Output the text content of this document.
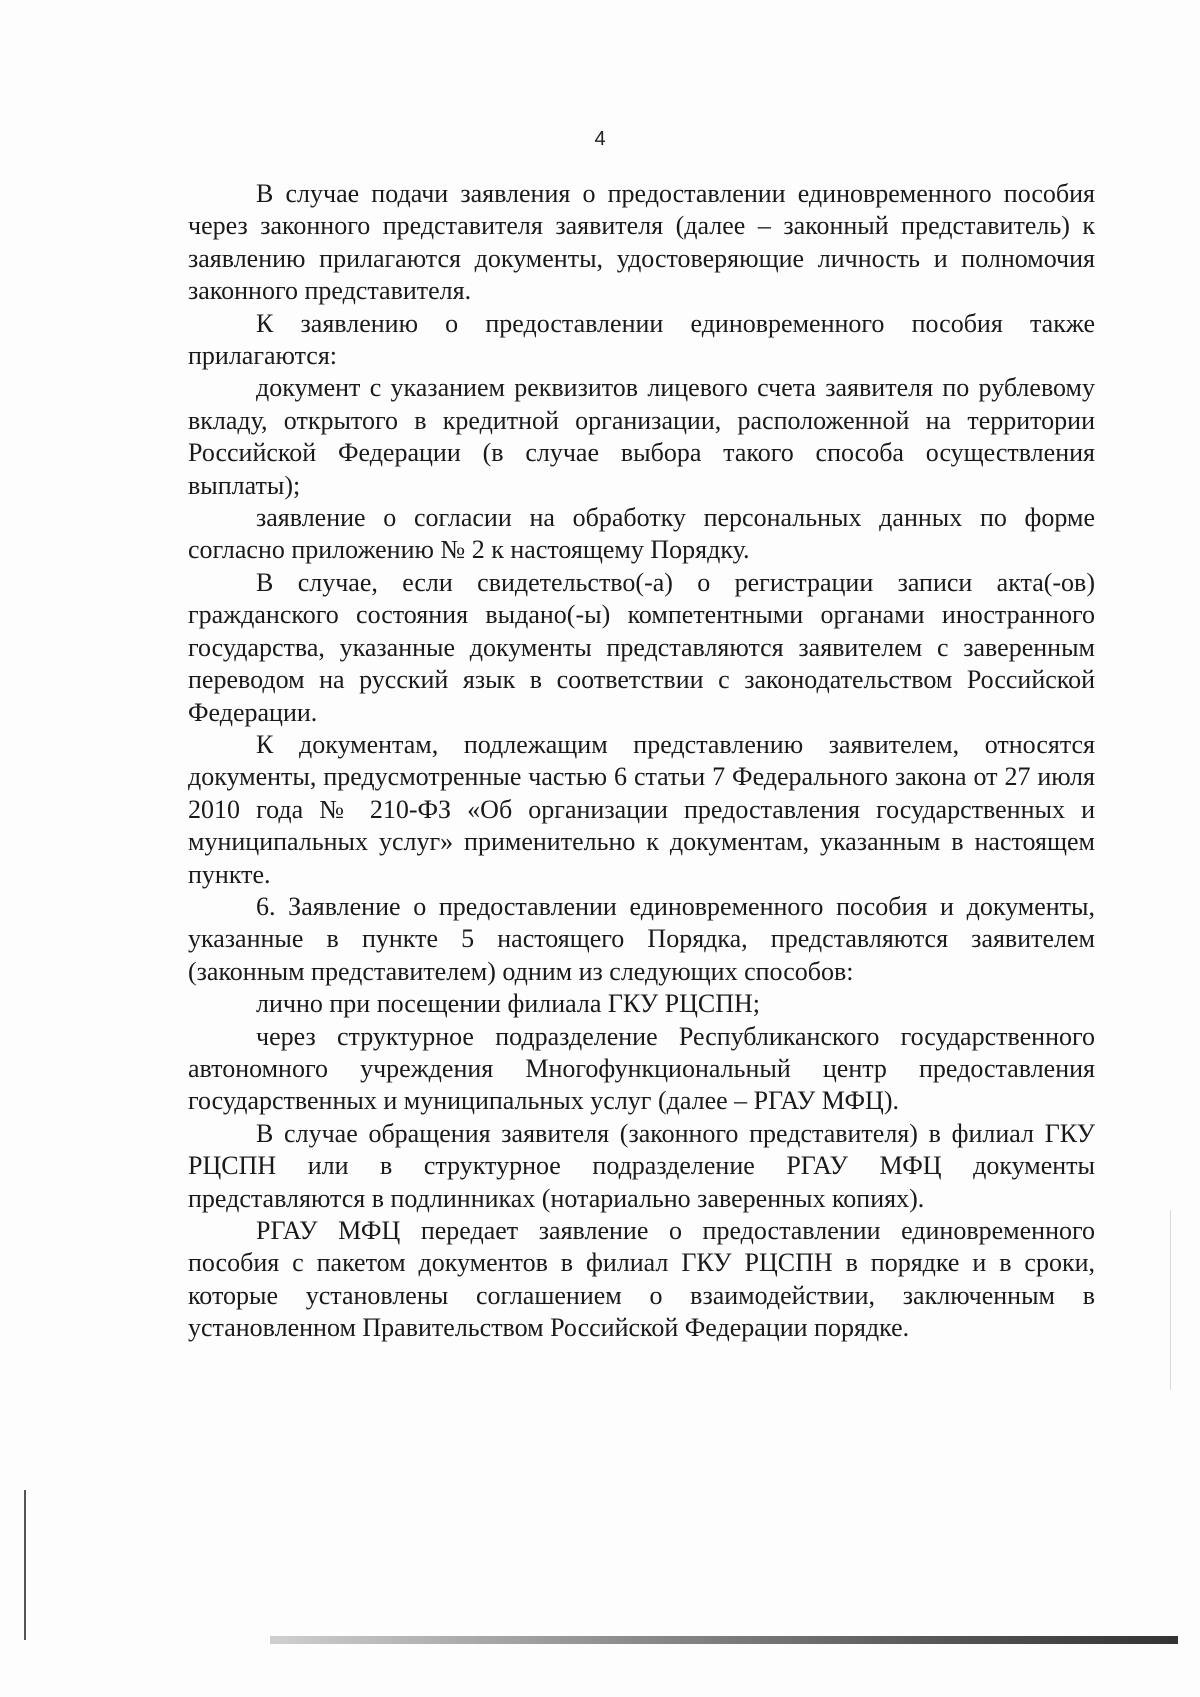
4

В случае подачи заявления о предоставлении единовременного пособия через законного представителя заявителя (далее – законный представитель) к заявлению прилагаются документы, удостоверяющие личность и полномочия законного представителя.

К заявлению о предоставлении единовременного пособия также прилагаются:

документ с указанием реквизитов лицевого счета заявителя по рублевому вкладу, открытого в кредитной организации, расположенной на территории Российской Федерации (в случае выбора такого способа осуществления выплаты);

заявление о согласии на обработку персональных данных по форме согласно приложению № 2 к настоящему Порядку.

В случае, если свидетельство(-а) о регистрации записи акта(-ов) гражданского состояния выдано(-ы) компетентными органами иностранного государства, указанные документы представляются заявителем с заверенным переводом на русский язык в соответствии с законодательством Российской Федерации.

К документам, подлежащим представлению заявителем, относятся документы, предусмотренные частью 6 статьи 7 Федерального закона от 27 июля 2010 года № 210-ФЗ «Об организации предоставления государственных и муниципальных услуг» применительно к документам, указанным в настоящем пункте.

6. Заявление о предоставлении единовременного пособия и документы, указанные в пункте 5 настоящего Порядка, представляются заявителем (законным представителем) одним из следующих способов:

лично при посещении филиала ГКУ РЦСПН;

через структурное подразделение Республиканского государственного автономного учреждения Многофункциональный центр предоставления государственных и муниципальных услуг (далее – РГАУ МФЦ).

В случае обращения заявителя (законного представителя) в филиал ГКУ РЦСПН или в структурное подразделение РГАУ МФЦ документы представляются в подлинниках (нотариально заверенных копиях).

РГАУ МФЦ передает заявление о предоставлении единовременного пособия с пакетом документов в филиал ГКУ РЦСПН в порядке и в сроки, которые установлены соглашением о взаимодействии, заключенным в установленном Правительством Российской Федерации порядке.
